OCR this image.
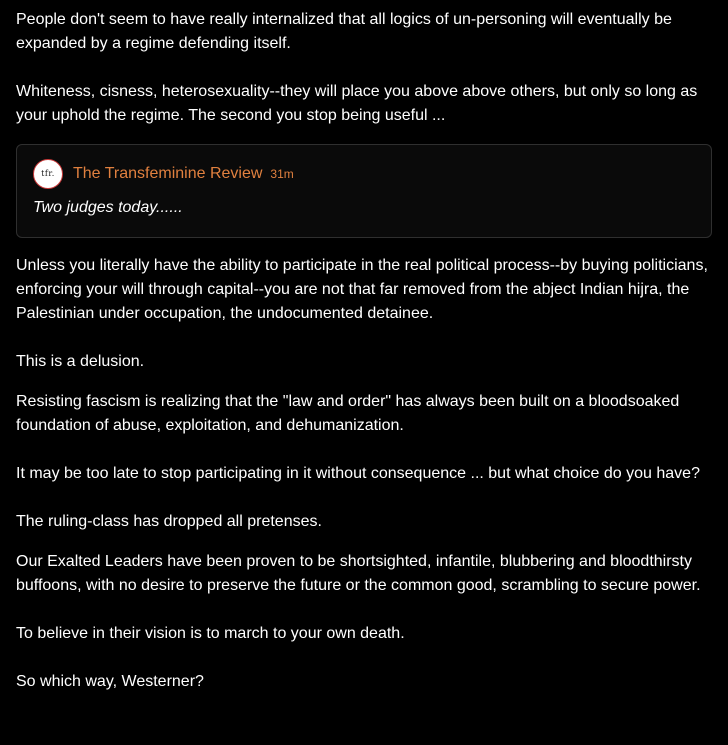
People don't seem to have really internalized that all logics of un-personing will eventually be expanded by a regime defending itself.

Whiteness, cisness, heterosexuality--they will place you above above others, but only so long as your uphold the regime. The second you stop being useful ...

tfr. The Transfeminine Review 31m
Two judges today......

Unless you literally have the ability to participate in the real political process--by buying politicians, enforcing your will through capital--you are not that far removed from the abject Indian hijra, the Palestinian under occupation, the undocumented detainee.

This is a delusion.

Resisting fascism is realizing that the "law and order" has always been built on a bloodsoaked foundation of abuse, exploitation, and dehumanization.

It may be too late to stop participating in it without consequence ... but what choice do you have?

The ruling-class has dropped all pretenses.

Our Exalted Leaders have been proven to be shortsighted, infantile, blubbering and bloodthirsty buffoons, with no desire to preserve the future or the common good, scrambling to secure power.

To believe in their vision is to march to your own death.

So which way, Westerner?
